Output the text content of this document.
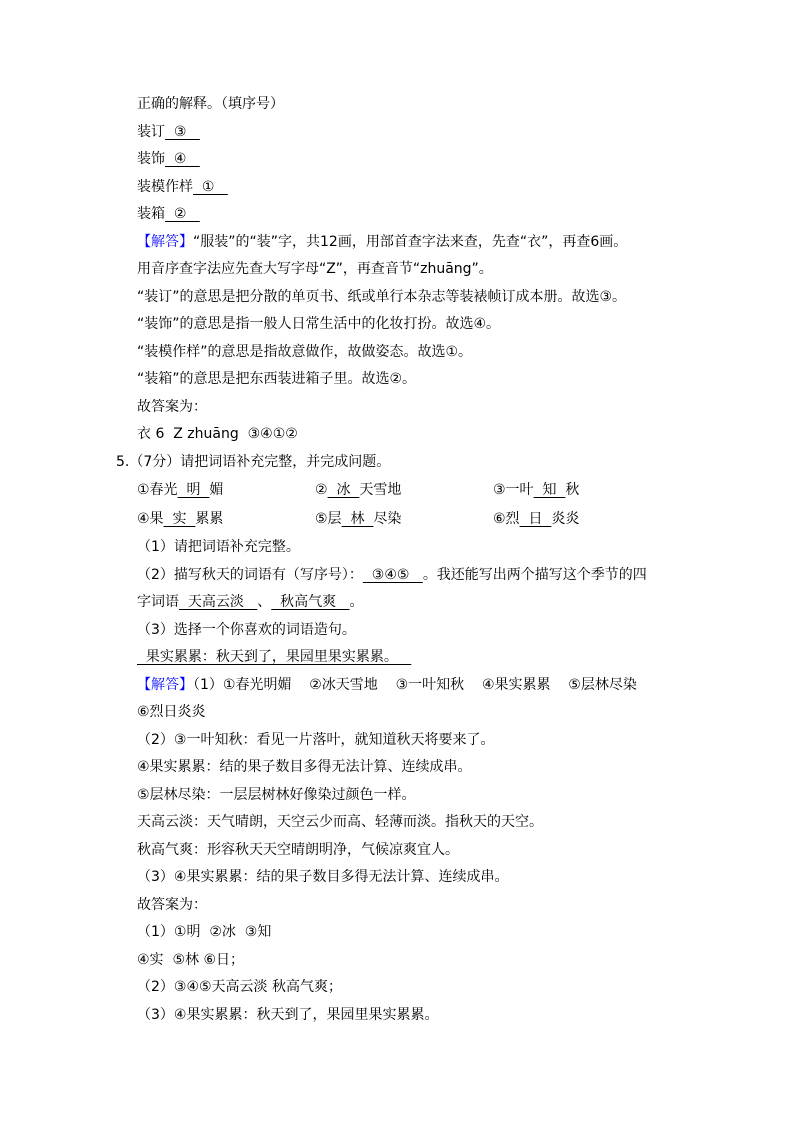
正确的解释。（填序号）
装订  ③
装饰  ④
装模作样  ①
装箱  ②
【解答】“服装”的“装”字，共12画，用部首查字法来查，先查“衣”，再查6画。
用音序查字法应先查大写字母“Z”，再查音节“zhuāng”。
“装订”的意思是把分散的单页书、纸或单行本杂志等装裱帧订成本册。故选③。
“装饰”的意思是指一般人日常生活中的化妆打扮。故选④。
“装模作样”的意思是指故意做作，故做姿态。故选①。
“装箱”的意思是把东西装进箱子里。故选②。
故答案为：
衣 6  Z zhuāng  ③④①②
5.（7分）请把词语补充完整，并完成问题。
①春光  明  媚	②  冰  天雪地	③一叶  知  秋
④果  实  累累	⑤层  林  尽染	⑥烈  日  炎炎
（1）请把词语补充完整。
（2）描写秋天的词语有（写序号）：  ③④⑤   。我还能写出两个描写这个季节的四
字词语  天高云淡   、  秋高气爽   。
（3）选择一个你喜欢的词语造句。
果实累累：秋天到了，果园里果实累累。
【解答】（1）①春光明媚    ②冰天雪地    ③一叶知秋    ④果实累累    ⑤层林尽染
⑥烈日炎炎
（2）③一叶知秋：看见一片落叶，就知道秋天将要来了。
④果实累累：结的果子数目多得无法计算、连续成串。
⑤层林尽染：一层层树林好像染过颜色一样。
天高云淡：天气晴朗，天空云少而高、轻薄而淡。指秋天的天空。
秋高气爽：形容秋天天空晴朗明净，气候凉爽宜人。
（3）④果实累累：结的果子数目多得无法计算、连续成串。
故答案为：
（1）①明  ②冰  ③知
④实  ⑤林 ⑥日；
（2）③④⑤天高云淡 秋高气爽；
（3）④果实累累：秋天到了，果园里果实累累。
